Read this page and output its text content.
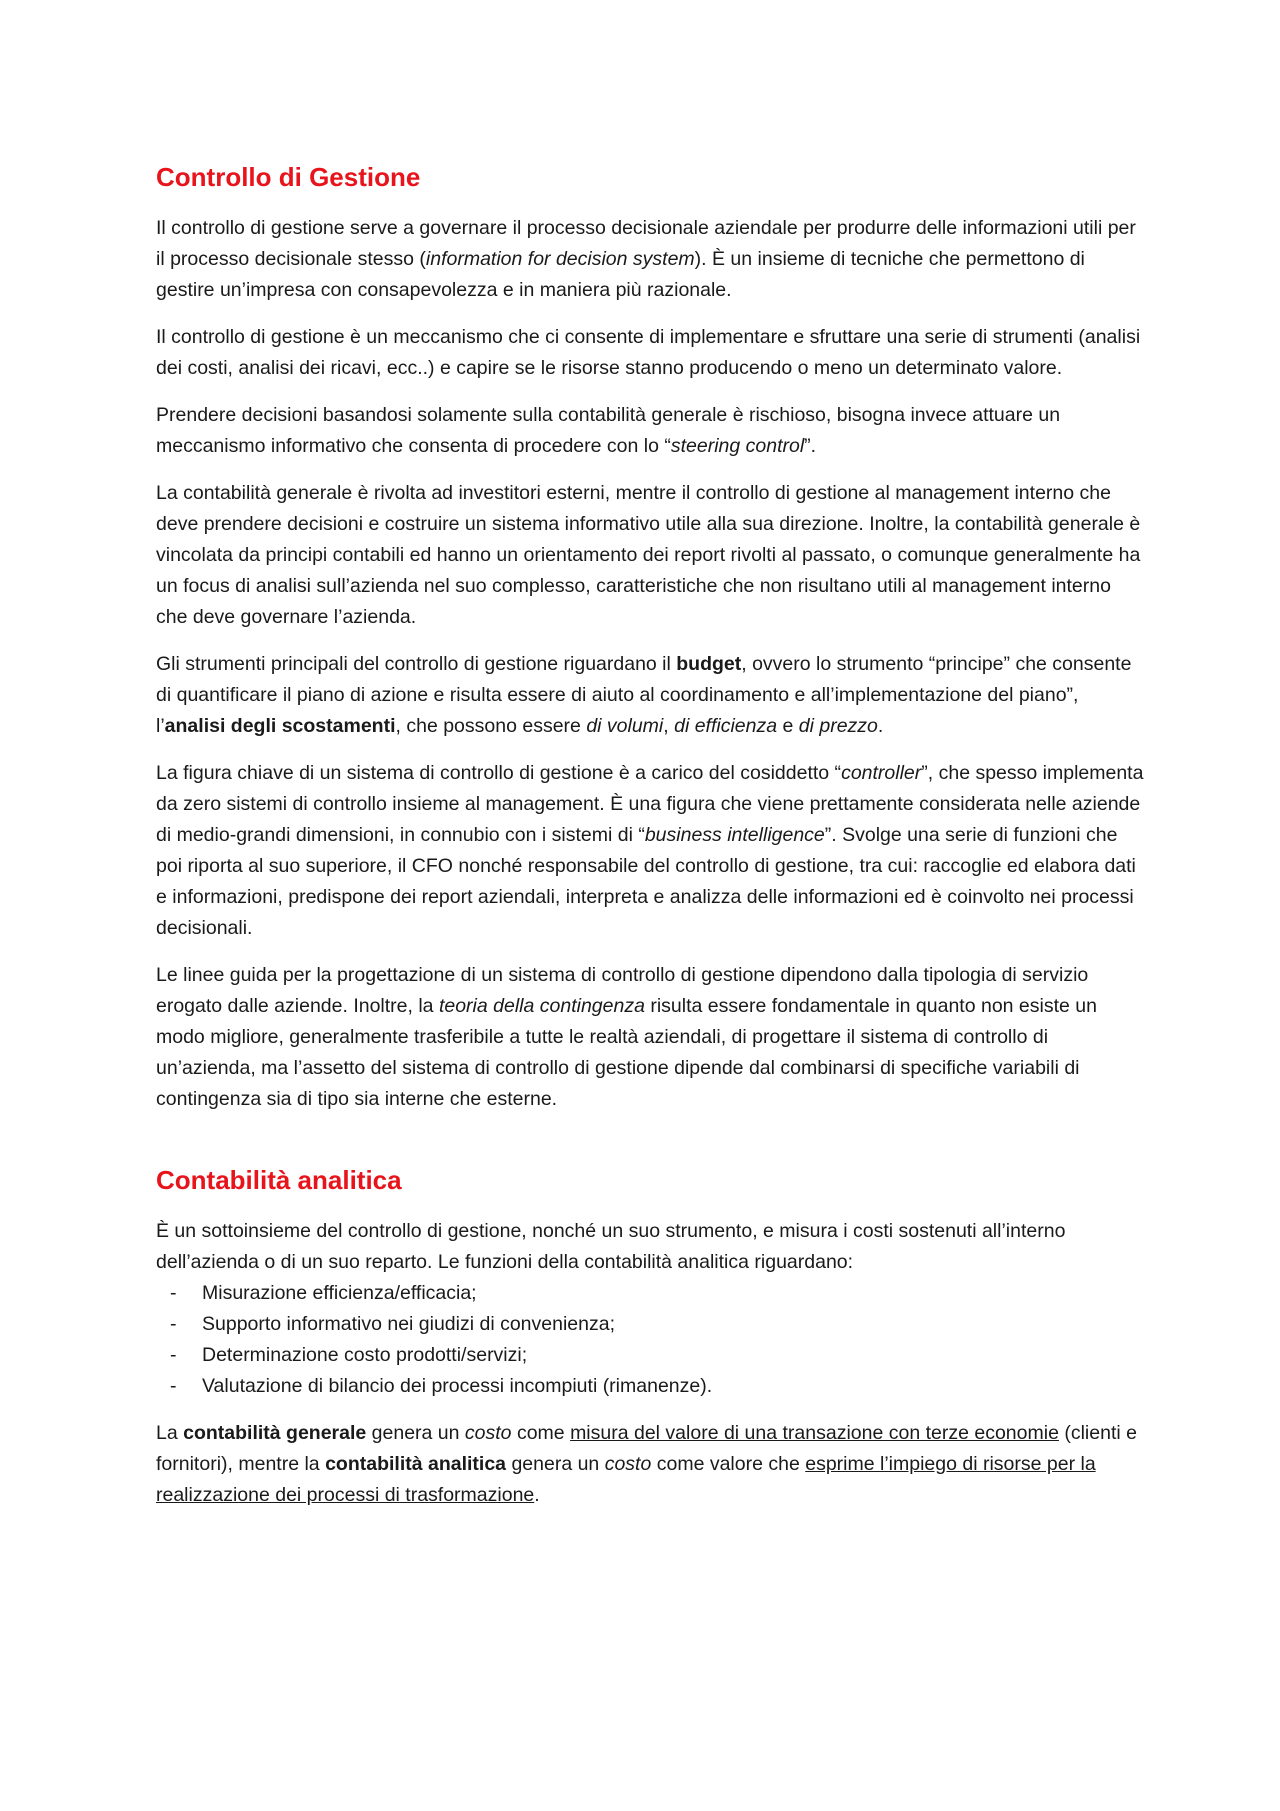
Controllo di Gestione

Il controllo di gestione serve a governare il processo decisionale aziendale per produrre delle informazioni utili per il processo decisionale stesso (information for decision system). È un insieme di tecniche che permettono di gestire un’impresa con consapevolezza e in maniera più razionale.

Il controllo di gestione è un meccanismo che ci consente di implementare e sfruttare una serie di strumenti (analisi dei costi, analisi dei ricavi, ecc..) e capire se le risorse stanno producendo o meno un determinato valore.

Prendere decisioni basandosi solamente sulla contabilità generale è rischioso, bisogna invece attuare un meccanismo informativo che consenta di procedere con lo “steering control”.

La contabilità generale è rivolta ad investitori esterni, mentre il controllo di gestione al management interno che deve prendere decisioni e costruire un sistema informativo utile alla sua direzione. Inoltre, la contabilità generale è vincolata da principi contabili ed hanno un orientamento dei report rivolti al passato, o comunque generalmente ha un focus di analisi sull’azienda nel suo complesso, caratteristiche che non risultano utili al management interno che deve governare l’azienda.

Gli strumenti principali del controllo di gestione riguardano il budget, ovvero lo strumento “principe” che consente di quantificare il piano di azione e risulta essere di aiuto al coordinamento e all’implementazione del piano”, l’analisi degli scostamenti, che possono essere di volumi, di efficienza e di prezzo.

La figura chiave di un sistema di controllo di gestione è a carico del cosiddetto “controller”, che spesso implementa da zero sistemi di controllo insieme al management. È una figura che viene prettamente considerata nelle aziende di medio-grandi dimensioni, in connubio con i sistemi di “business intelligence”. Svolge una serie di funzioni che poi riporta al suo superiore, il CFO nonché responsabile del controllo di gestione, tra cui: raccoglie ed elabora dati e informazioni, predispone dei report aziendali, interpreta e analizza delle informazioni ed è coinvolto nei processi decisionali.

Le linee guida per la progettazione di un sistema di controllo di gestione dipendono dalla tipologia di servizio erogato dalle aziende. Inoltre, la teoria della contingenza risulta essere fondamentale in quanto non esiste un modo migliore, generalmente trasferibile a tutte le realtà aziendali, di progettare il sistema di controllo di un’azienda, ma l’assetto del sistema di controllo di gestione dipende dal combinarsi di specifiche variabili di contingenza sia di tipo sia interne che esterne.

Contabilità analitica

È un sottoinsieme del controllo di gestione, nonché un suo strumento, e misura i costi sostenuti all’interno dell’azienda o di un suo reparto. Le funzioni della contabilità analitica riguardano:

- Misurazione efficienza/efficacia;
- Supporto informativo nei giudizi di convenienza;
- Determinazione costo prodotti/servizi;
- Valutazione di bilancio dei processi incompiuti (rimanenze).

La contabilità generale genera un costo come misura del valore di una transazione con terze economie (clienti e fornitori), mentre la contabilità analitica genera un costo come valore che esprime l’impiego di risorse per la realizzazione dei processi di trasformazione.
